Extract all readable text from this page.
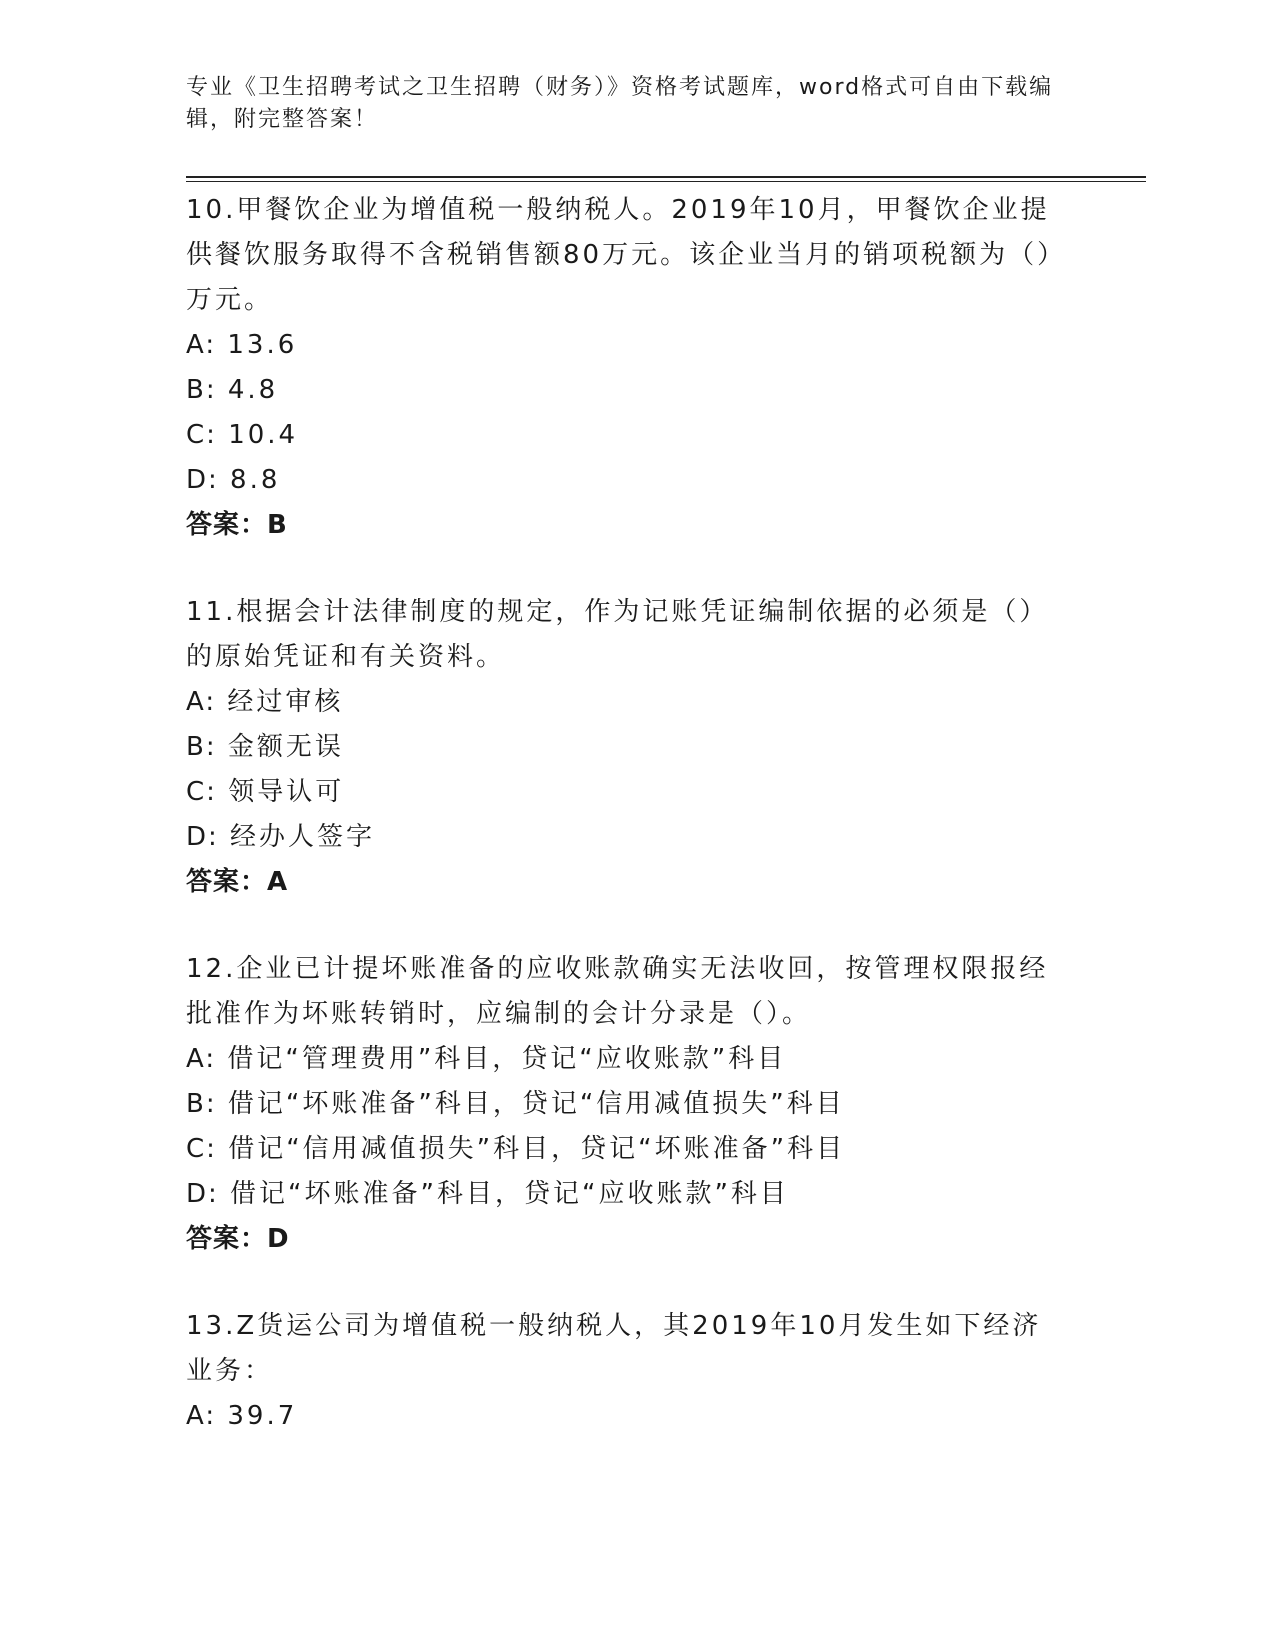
专业《卫生招聘考试之卫生招聘（财务）》资格考试题库，word格式可自由下载编辑，附完整答案！
10.甲餐饮企业为增值税一般纳税人。2019年10月，甲餐饮企业提供餐饮服务取得不含税销售额80万元。该企业当月的销项税额为（）万元。
A: 13.6
B: 4.8
C: 10.4
D: 8.8
答案：B
11.根据会计法律制度的规定，作为记账凭证编制依据的必须是（）的原始凭证和有关资料。
A: 经过审核
B: 金额无误
C: 领导认可
D: 经办人签字
答案：A
12.企业已计提坏账准备的应收账款确实无法收回，按管理权限报经批准作为坏账转销时，应编制的会计分录是（）。
A: 借记“管理费用”科目，贷记“应收账款”科目
B: 借记“坏账准备”科目，贷记“信用减值损失”科目
C: 借记“信用减值损失”科目，贷记“坏账准备”科目
D: 借记“坏账准备”科目，贷记“应收账款”科目
答案：D
13.Z货运公司为增值税一般纳税人，其2019年10月发生如下经济业务：
A: 39.7
